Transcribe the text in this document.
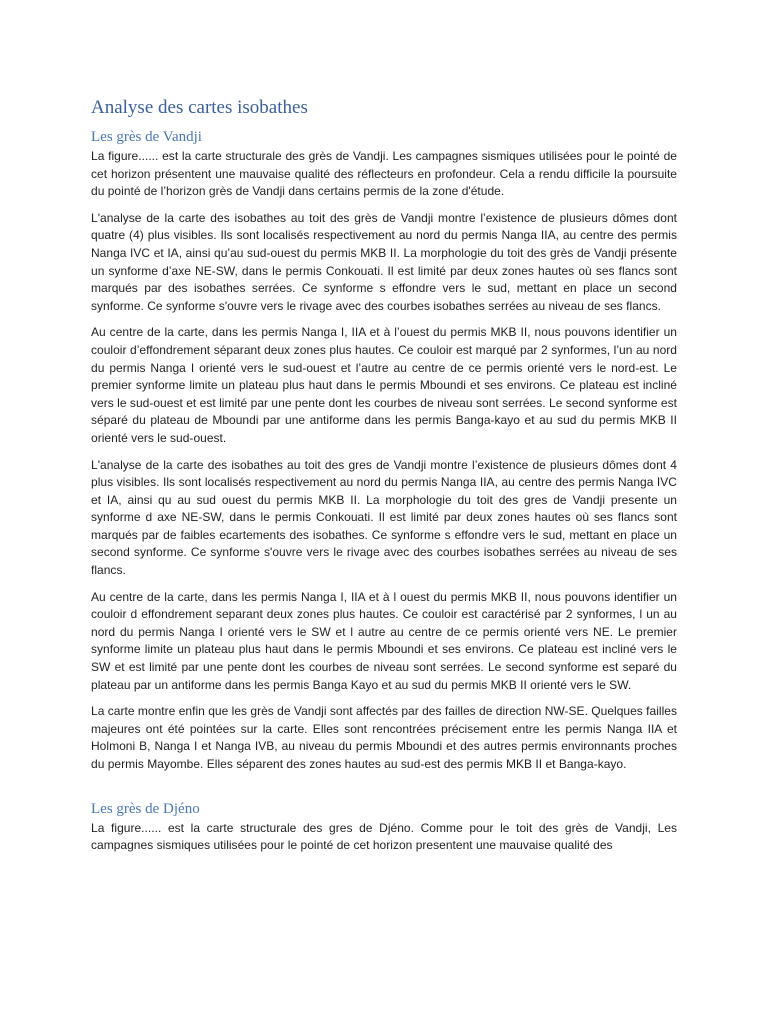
Analyse des cartes isobathes
Les grès de Vandji

La figure...... est la carte structurale des grès de Vandji. Les campagnes sismiques utilisées pour le pointé de cet horizon présentent une mauvaise qualité des réflecteurs en profondeur. Cela a rendu difficile la poursuite du pointé de l’horizon grès de Vandji dans certains permis de la zone d'étude.

L'analyse de la carte des isobathes au toit des grès de Vandji montre l’existence de plusieurs dômes dont quatre (4) plus visibles. Ils sont localisés respectivement au nord du permis Nanga IIA, au centre des permis Nanga IVC et IA, ainsi qu’au sud-ouest du permis MKB II. La morphologie du toit des grès de Vandji présente un synforme d’axe NE-SW, dans le permis Conkouati. Il est limité par deux zones hautes où ses flancs sont marqués par des isobathes serrées. Ce synforme s effondre vers le sud, mettant en place un second synforme. Ce synforme s'ouvre vers le rivage avec des courbes isobathes serrées au niveau de ses flancs.

Au centre de la carte, dans les permis Nanga I, IIA et à l’ouest du permis MKB II, nous pouvons identifier un couloir d’effondrement séparant deux zones plus hautes. Ce couloir est marqué par 2 synformes, l’un au nord du permis Nanga I orienté vers le sud-ouest et l’autre au centre de ce permis orienté vers le nord-est. Le premier synforme limite un plateau plus haut dans le permis Mboundi et ses environs. Ce plateau est incliné vers le sud-ouest et est limité par une pente dont les courbes de niveau sont serrées. Le second synforme est séparé du plateau de Mboundi par une antiforme dans les permis Banga-kayo et au sud du permis MKB II orienté vers le sud-ouest.

L'analyse de la carte des isobathes au toit des gres de Vandji montre l’existence de plusieurs dômes dont 4 plus visibles. Ils sont localisés respectivement au nord du permis Nanga IIA, au centre des permis Nanga IVC et IA, ainsi qu au sud ouest du permis MKB II. La morphologie du toit des gres de Vandji presente un synforme d axe NE-SW, dans le permis Conkouati. Il est limité par deux zones hautes où ses flancs sont marqués par de faibles ecartements des isobathes. Ce synforme s effondre vers le sud, mettant en place un second synforme. Ce synforme s'ouvre vers le rivage avec des courbes isobathes serrées au niveau de ses flancs.

Au centre de la carte, dans les permis Nanga I, IIA et à l ouest du permis MKB II, nous pouvons identifier un couloir d effondrement separant deux zones plus hautes. Ce couloir est caractérisé par 2 synformes, l un au nord du permis Nanga I orienté vers le SW et l autre au centre de ce permis orienté vers NE. Le premier synforme limite un plateau plus haut dans le permis Mboundi et ses environs. Ce plateau est incliné vers le SW et est limité par une pente dont les courbes de niveau sont serrées. Le second synforme est separé du plateau par un antiforme dans les permis Banga Kayo et au sud du permis MKB II orienté vers le SW.

La carte montre enfin que les grès de Vandji sont affectés par des failles de direction NW-SE. Quelques failles majeures ont été pointées sur la carte. Elles sont rencontrées précisement entre les permis Nanga IIA et Holmoni B, Nanga I et Nanga IVB, au niveau du permis Mboundi et des autres permis environnants proches du permis Mayombe. Elles séparent des zones hautes au sud-est des permis MKB II et Banga-kayo.

Les grès de Djéno

La figure...... est la carte structurale des gres de Djéno. Comme pour le toit des grès de Vandji, Les campagnes sismiques utilisées pour le pointé de cet horizon presentent une mauvaise qualité des
